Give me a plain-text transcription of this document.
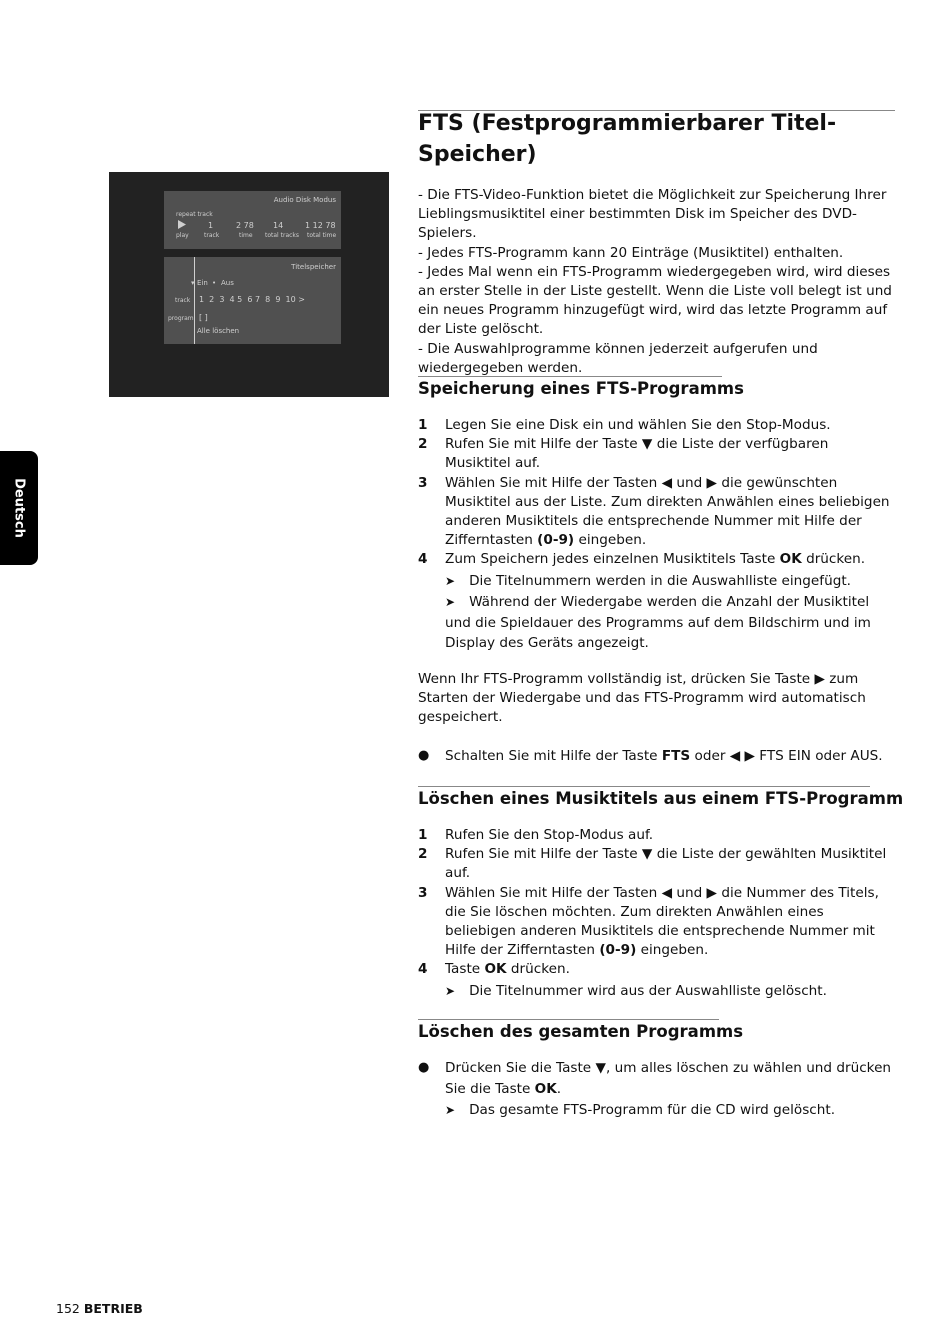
FTS (Festprogrammierbarer Titel-
Speicher)

- Die FTS-Video-Funktion bietet die Möglichkeit zur Speicherung Ihrer Lieblingsmusiktitel einer bestimmten Disk im Speicher des DVD-Spielers.

- Jedes FTS-Programm kann 20 Einträge (Musiktitel) enthalten.

- Jedes Mal wenn ein FTS-Programm wiedergegeben wird, wird dieses an erster Stelle in der Liste gestellt. Wenn die Liste voll belegt ist und ein neues Programm hinzugefügt wird, wird das letzte Programm auf der Liste gelöscht.

- Die Auswahlprogramme können jederzeit aufgerufen und wiedergegeben werden.

Audio Disk Modus
repeat track
1	2 78 14	1 12 78
play	track	time total tracks total time
Titelspeicher
▾ Ein • Aus
track 1  2  3  4 5  6 7  8  9  10 >
program [ ]
Alle löschen
Speicherung eines FTS-Programms
1 Legen Sie eine Disk ein und wählen Sie den Stop-Modus.
2 Rufen Sie mit Hilfe der Taste ▼ die Liste der verfügbaren Musiktitel auf.
3 Wählen Sie mit Hilfe der Tasten ◀ und ▶ die gewünschten Musiktitel aus der Liste. Zum direkten Anwählen eines beliebigen anderen Musiktitels die entsprechende Nummer mit Hilfe der Zifferntasten (0-9) eingeben.
4 Zum Speichern jedes einzelnen Musiktitels Taste OK drücken.
➤ Die Titelnummern werden in die Auswahlliste eingefügt.
➤ Während der Wiedergabe werden die Anzahl der Musiktitel und die Spieldauer des Programms auf dem Bildschirm und im Display des Geräts angezeigt.
Wenn Ihr FTS-Programm vollständig ist, drücken Sie Taste ▶ zum Starten der Wiedergabe und das FTS-Programm wird automatisch gespeichert.
●	Schalten Sie mit Hilfe der Taste FTS oder ◀ ▶ FTS EIN oder AUS.
Löschen eines Musiktitels aus einem FTS-Programm
1 Rufen Sie den Stop-Modus auf.
2 Rufen Sie mit Hilfe der Taste ▼ die Liste der gewählten Musiktitel auf.
3 Wählen Sie mit Hilfe der Tasten ◀ und ▶ die Nummer des Titels, die Sie löschen möchten. Zum direkten Anwählen eines beliebigen anderen Musiktitels die entsprechende Nummer mit Hilfe der Zifferntasten (0-9) eingeben.
4 Taste OK drücken.
➤ Die Titelnummer wird aus der Auswahlliste gelöscht.
Löschen des gesamten Programms
●	Drücken Sie die Taste ▼, um alles löschen zu wählen und drücken Sie die Taste OK.
➤ Das gesamte FTS-Programm für die CD wird gelöscht.
Deutsch
152 BETRIEB
